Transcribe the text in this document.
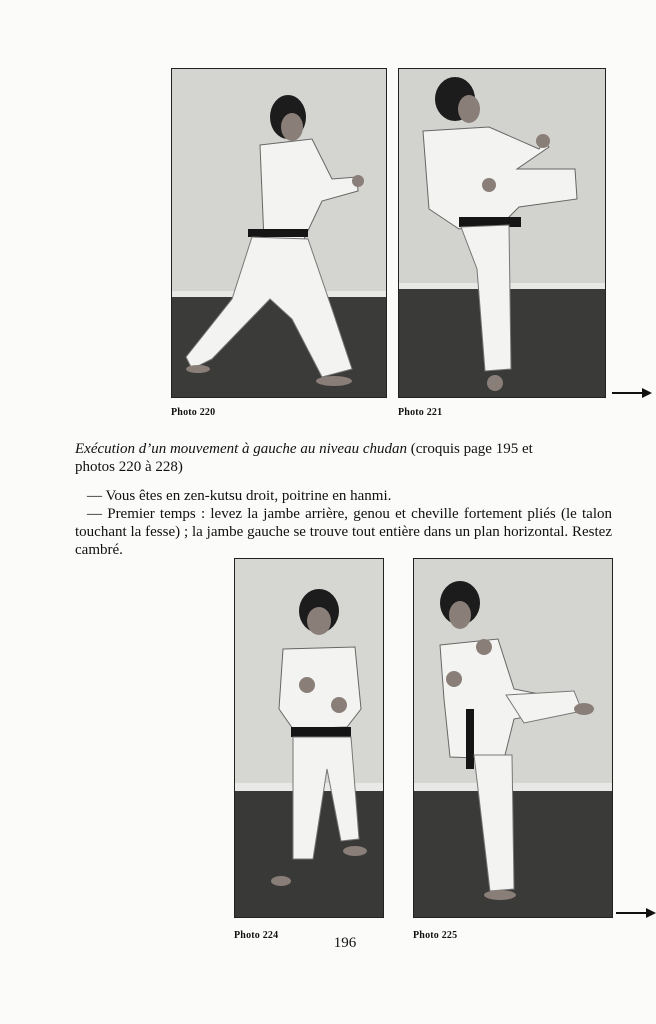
Photo 220	Photo 221
Exécution d’un mouvement à gauche au niveau chudan (croquis page 195 et
photos 220 à 228)
— Vous êtes en zen-kutsu droit, poitrine en hanmi.
— Premier temps : levez la jambe arrière, genou et cheville fortement pliés (le talon touchant la fesse) ; la jambe gauche se trouve tout entière dans un plan horizontal. Restez cambré.
Photo 224	Photo 225
196
